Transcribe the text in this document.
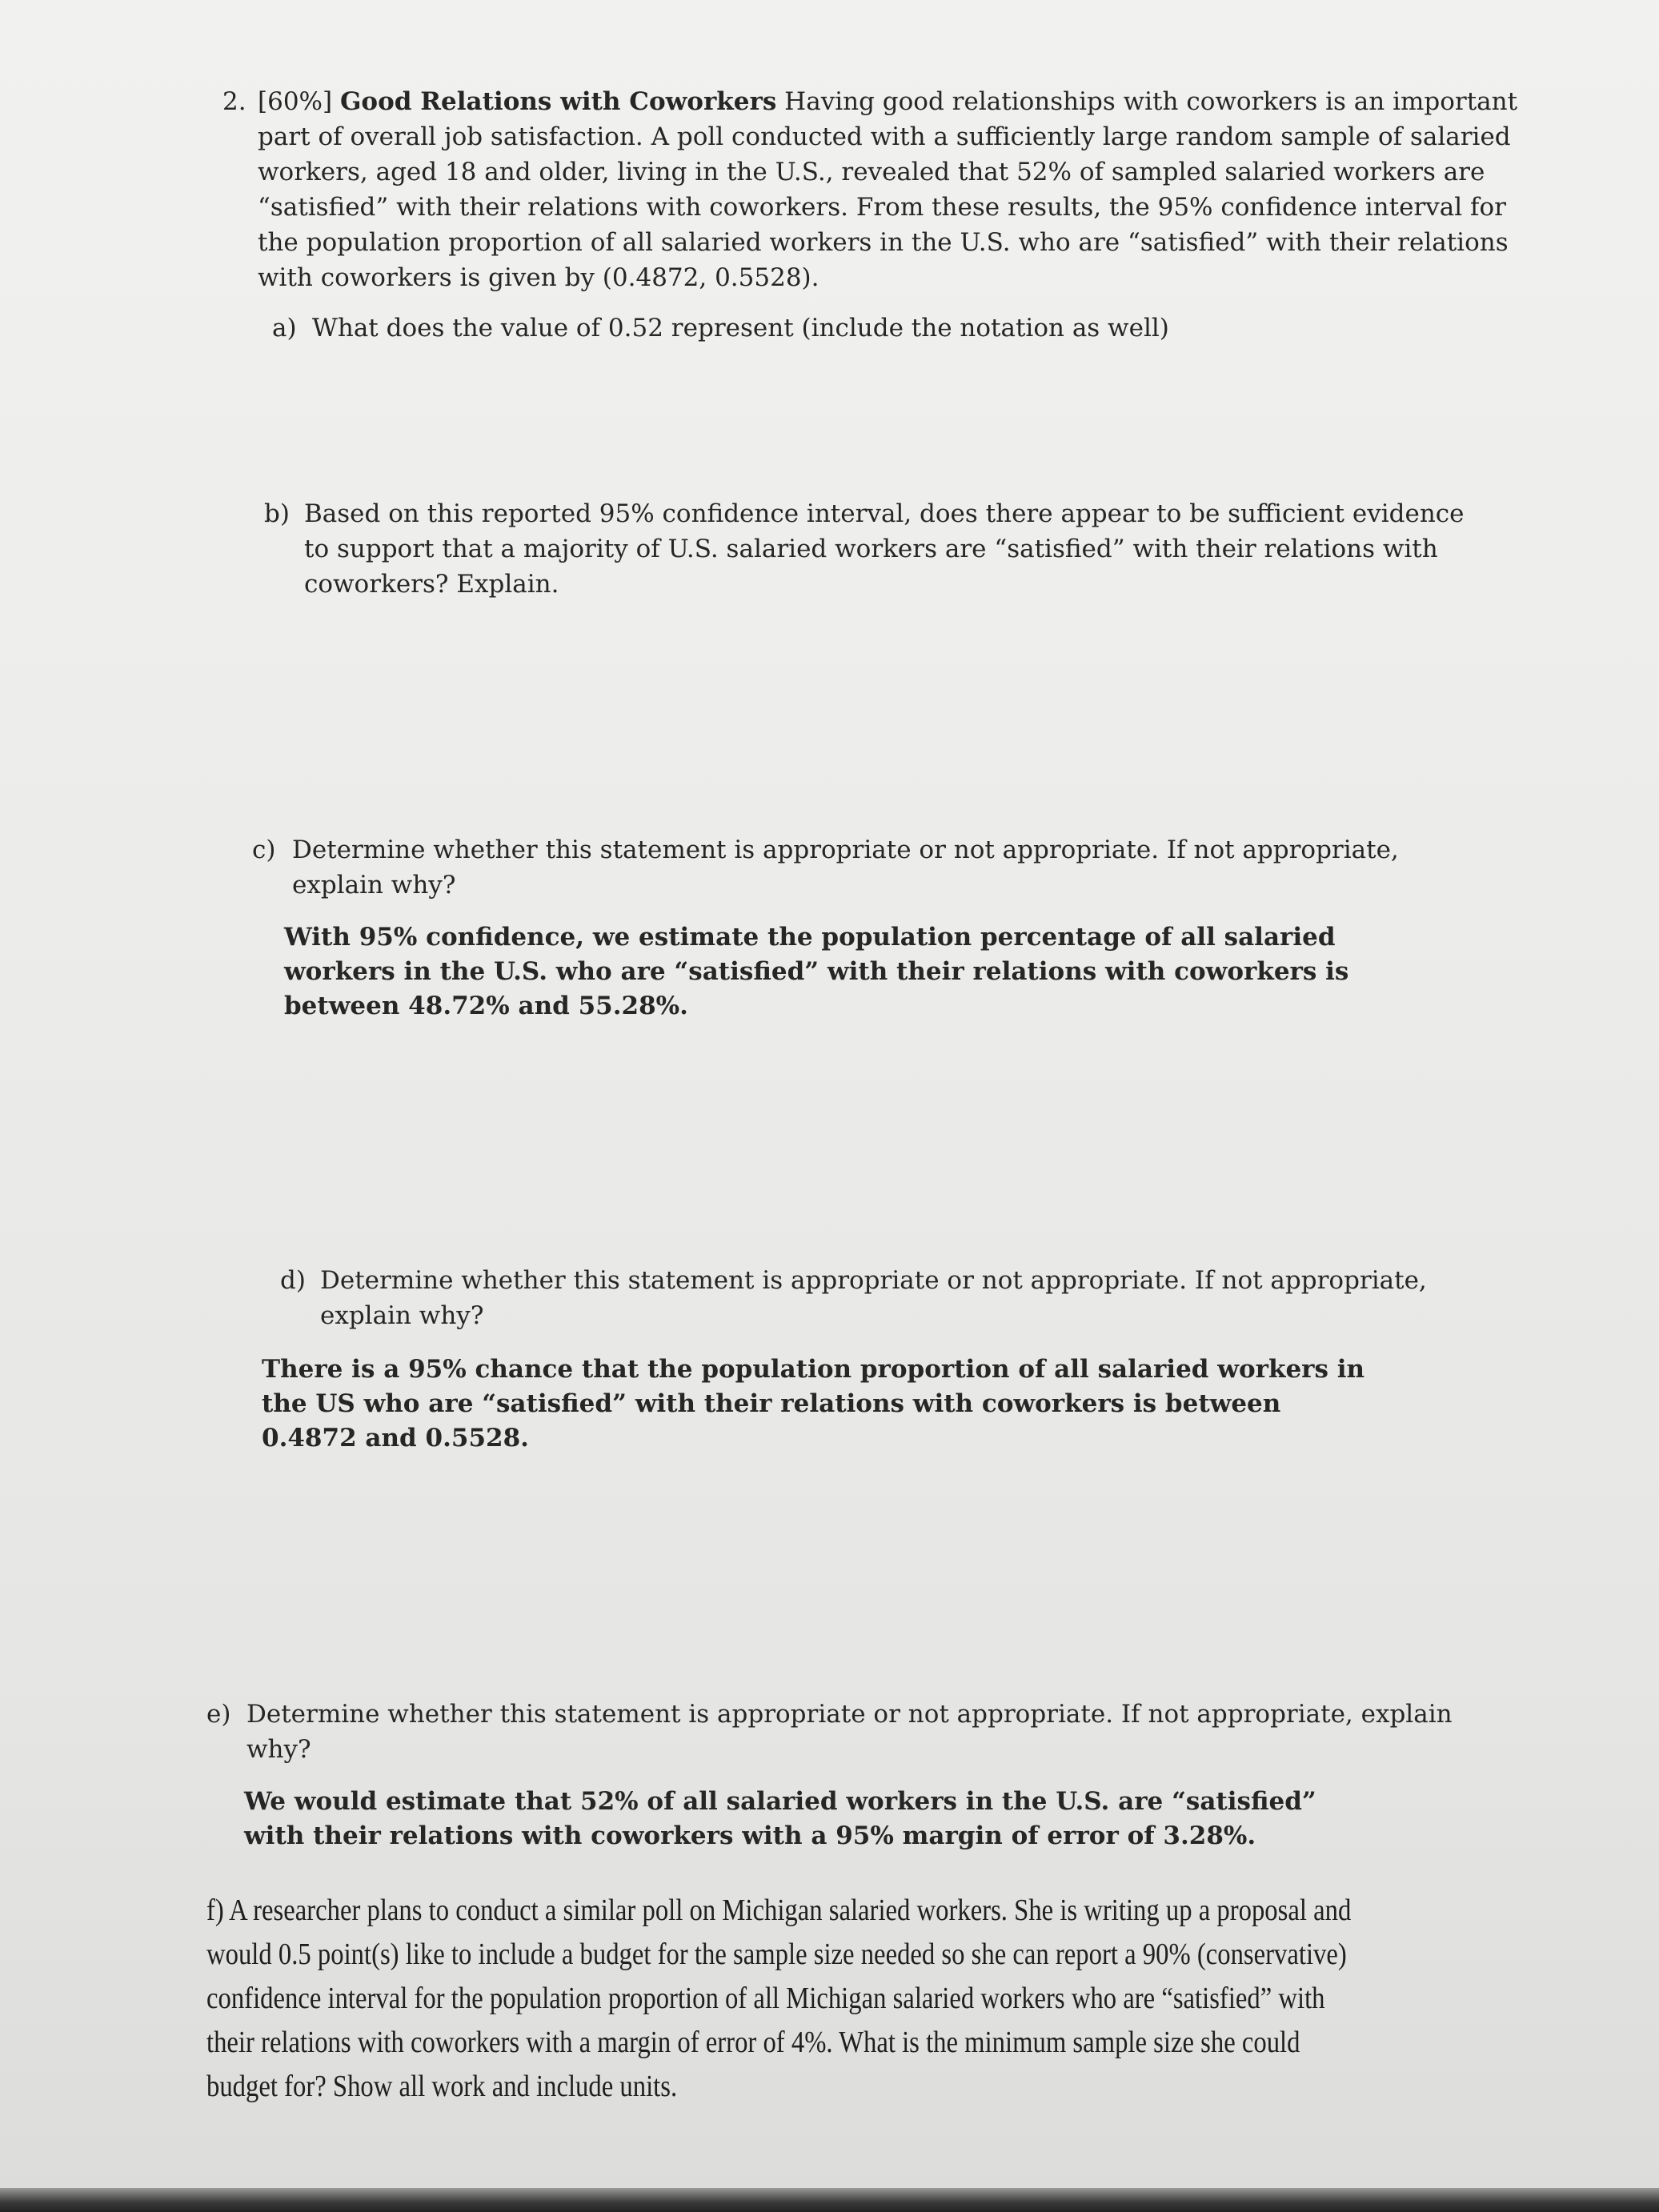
2. [60%] Good Relations with Coworkers Having good relationships with coworkers is an important part of overall job satisfaction. A poll conducted with a sufficiently large random sample of salaried workers, aged 18 and older, living in the U.S., revealed that 52% of sampled salaried workers are “satisfied” with their relations with coworkers. From these results, the 95% confidence interval for the population proportion of all salaried workers in the U.S. who are “satisfied” with their relations with coworkers is given by (0.4872, 0.5528).
a) What does the value of 0.52 represent (include the notation as well)
b) Based on this reported 95% confidence interval, does there appear to be sufficient evidence to support that a majority of U.S. salaried workers are “satisfied” with their relations with coworkers? Explain.
c) Determine whether this statement is appropriate or not appropriate. If not appropriate, explain why?
With 95% confidence, we estimate the population percentage of all salaried workers in the U.S. who are “satisfied” with their relations with coworkers is between 48.72% and 55.28%.
d) Determine whether this statement is appropriate or not appropriate. If not appropriate, explain why?
There is a 95% chance that the population proportion of all salaried workers in the US who are “satisfied” with their relations with coworkers is between 0.4872 and 0.5528.
e) Determine whether this statement is appropriate or not appropriate. If not appropriate, explain why?
We would estimate that 52% of all salaried workers in the U.S. are “satisfied” with their relations with coworkers with a 95% margin of error of 3.28%.
f) A researcher plans to conduct a similar poll on Michigan salaried workers. She is writing up a proposal and would 0.5 point(s) like to include a budget for the sample size needed so she can report a 90% (conservative) confidence interval for the population proportion of all Michigan salaried workers who are “satisfied” with their relations with coworkers with a margin of error of 4%. What is the minimum sample size she could budget for? Show all work and include units.
